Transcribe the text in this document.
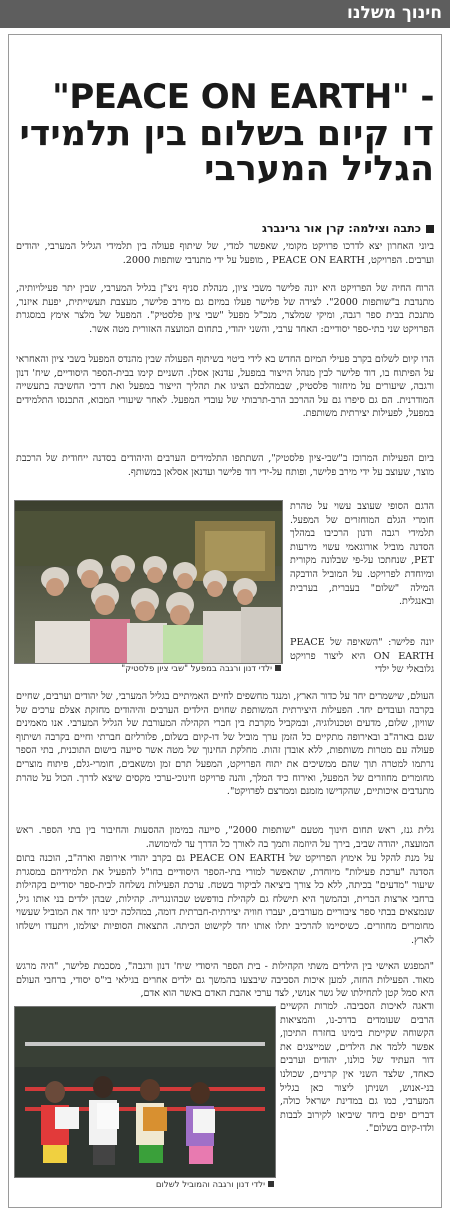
חינוך משלנו
- "PEACE ON EARTH"
דו קיום בשלום בין תלמידי
הגליל המערבי
כתבה וצילמה: קרן אור גרינברג
ביוני האחרון יצא לדרכו פרויקט מקומי, שאפשר למדי, של שיתוף פעולה בין תלמידי הגליל המערבי, יהודים וערבים. הפרויקט, PEACE ON EARTH , מופעל על ידי מתנדבי שותפות 2000.
הרוח החיה של הפרויקט היא יונה פלישר משבי ציון, מנהלת סניף ניצ"ן בגליל המערבי, שבין יתר פעילויותיה, מתנדבת ב"שותפות 2000". לצידה של פלישר פעלו במיזם גם מירב פלישר, מעצבת תעשייתית, יפעת איזנר, מתנכת בבית ספר רגבה, ומיקי שמלצר, מנכ"ל מפעל "שבי ציון פלסטיק". המפעל של מלצר אימץ במסגרת הפרויקט שני בתי-ספר יסודיים: האחד ערבי, והשני יהודי, בתחום המועצה האזורית מטה אשר.
הדו קיום לשלום בקרב פעילי המיזם החדש בא לידי ביטוי בשיתוף הפעולה שבין מהנדס המפעל בשבי ציון והאחראי על הפיתוח בו, דוד פלישר לבין מנהל הייצור במפעל, עדנאן אסלן. השניים קימו בבית-הספר היסודיים, שיח' דנון ורגבה, שיעורים על מיחזור פלסטיק, שבמהלכם הציגו את תהליך הייצור במפעל ואת דרכי החשיבה בתעשייה המודרנית. הם גם סיפרו גם על ההרכב הרב-תרבותי של עובדי המפעל. לאחר שיעורי המבוא, התכנסו התלמידים במפעל, לפעילות יצירתית משותפת.
ביום הפעילות המרוכז ב"שבי-ציון פלסטיק", השתתפו התלמידים הערבים והיהודים בסדנה ייחודית של הרכבת מוצר, שעוצב על ידי מירב פלישר, ופותח על-ידי דוד פלישר ועדנאן אסלאן במשותף.
ילדי דנון ורגבה במפעל "שבי ציון פלסטיק"
הדגם הסופי שעוצב עשוי על טהרת חומרי הגלם המוחזרים של המפעל. תלמידי רגבה ודנון הרכיבו במהלך הסדנה מוביל אורוגאמי עשוי מירעות PET, שנחתכו על-פי שבלונה מקורית ומיוחדת לפרויקט. על המוביל הודבקה המילה "שלום" בעברית, בערבית ובאנגלית.
יונה פלישר: "השאיפה של PEACE ON EARTH היא ליצור פרויקט גלובאלי של ילדי
העולם, שישמרים יחד על כדור הארץ, ומנגד מחשפים לחיים האמיתיים בגליל המערבי, של יהודים וערבים, שחיים בקרבה ועובדים יחד. הפעילות היצירתית המשותפת שחוים הילדים הערבים והיהודים מחזקת אצלם ערכים של שוויון, שלום, מדעים וטכנולוגיה, ובמקביל מקרבת בין חברי הקהילה המעורבת של הגליל המערבי. אנו מאמינים שגם בארה"ב ובאירופה מתקיים כל הזמן ערך מוביל של דו-קיום בשלום, פלורליזם חברתי וחיים בקרבה ושיתוף פעולה עם מטרות משותפות, ללא אובדן זהות. מחלקת החינוך של מטה אשר סייעה בישום התוכנית, בתי הספר נרתמו למטרה תוך שהם ממשיכים את יתוח הפרויקט, המפעל תרם זמן ומשאבים, חומרי-גלם, פיתוח מוצרים מחומרים מחוזרים של המפעל, ואירוח כיד המלך, והנה פרויקט חינוכי-ערכי מקסים שיצא לדרך. הכול על טהרת מתנדבים איכותיים, שהקדישו מזמנם וממרצם לפרויקט".
גלית גנז, ראש תחום חינוך מטעם "שותפות 2000", סייעה במימון ההסעות והחיבור בין בתי הספר. ראש המועצה, יהודה שביב, בירך על היוזמה ותמך בה לאורך כל הדרך עד למימושה.
על מנת להקל על אימוץ הפרויקט של PEACE ON EARTH גם בקרב יהודי אירופה וארה"ב, הוכנה בתום הסדנה "ערכת פעילות" מיוחדת, שתאפשר למורי בתי-הספר היסודיים בחו"ל להפעיל את תלמידיהם במסגרת שיעור "מדעים" בכיתה, ללא כל צורך ביציאה לביקור בשטח. ערכת הפעילות נשלחה לבית-ספר יסודיים בקהילות ברחבי ארצות הברית, ובהמשך היא תישלח גם לקהילת בודפשט שבהונגריה. קהילות, שבהן ילדים בני אותו גיל, שנמצאים בבתי ספר ציבוריים מעורבים, יעברו חוויה יצירתית-חברתית דומה, במהלכה יכינו יחד את המוביל שעשוי מחומרים מחוזרים. כשיסיימו להרכיב יתלו אותו יחד לקישוט הכיתה. התצאות הסופיות יצולמו, ויתעדו וישלחו לארץ.
"המפגש האישי בין הילדים משתי הקהילות - בית הספר היסודי שיח' דנון ורגבה", מסכמת פלישר, "היה מרגש מאוד. הפעילות החזה, למען איכות הסביבה שיבצעו בהמשך גם ילדים אחרים בגילאי בי"ס יסודי, ברחבי העולם היא סמל קטן לתחילתו של גשר אנושי, לצד ערכי אהבת האדם באשר הוא אדם,
ודאגה לאיכות הסביבה. למרות הקשיים הרבים שעומדים בדרכ-נו, והמציאות הקשוחה שקיימת בימינו בחזרח התיכון, אפשר ללמד את הילדים, שמייצגים את דור העתיד של כולנו, יהודים וערבים כאחד, שלצד השני אין קרניים, שכולנו בני-אנוש, ושניתן ליצור כאן בגליל המערבי, כמו גם במדינת ישראל כולה, דברים יפים ביחד שיביאו לקירוב לבבות ולדו-קיום בשלום".
ילדי דנון ורגבה והמוביל לשלום
